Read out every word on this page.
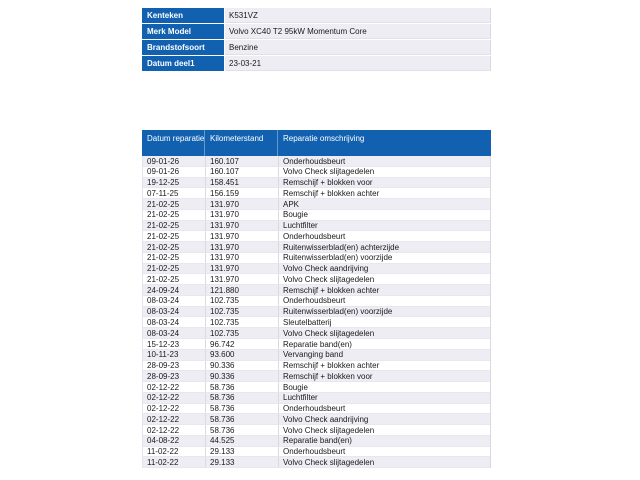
Kenteken	K531VZ
Merk Model	Volvo XC40 T2 95kW Momentum Core
Brandstofsoort	Benzine
Datum deel1	23-03-21
Datum reparatie Kilometerstand	Reparatie omschrijving
09-01-26	160.107	Onderhoudsbeurt
09-01-26	160.107	Volvo Check slijtagedelen
19-12-25	158.451	Remschijf + blokken voor
07-11-25	156.159	Remschijf + blokken achter
21-02-25	131.970	APK
21-02-25	131.970	Bougie
21-02-25	131.970	Luchtfilter
21-02-25	131.970	Onderhoudsbeurt
21-02-25	131.970	Ruitenwisserblad(en) achterzijde
21-02-25	131.970	Ruitenwisserblad(en) voorzijde
21-02-25	131.970	Volvo Check aandrijving
21-02-25	131.970	Volvo Check slijtagedelen
24-09-24	121.880	Remschijf + blokken achter
08-03-24	102.735	Onderhoudsbeurt
08-03-24	102.735	Ruitenwisserblad(en) voorzijde
08-03-24	102.735	Sleutelbatterij
08-03-24	102.735	Volvo Check slijtagedelen
15-12-23	96.742	Reparatie band(en)
10-11-23	93.600	Vervanging band
28-09-23	90.336	Remschijf + blokken achter
28-09-23	90.336	Remschijf + blokken voor
02-12-22	58.736	Bougie
02-12-22	58.736	Luchtfilter
02-12-22	58.736	Onderhoudsbeurt
02-12-22	58.736	Volvo Check aandrijving
02-12-22	58.736	Volvo Check slijtagedelen
04-08-22	44.525	Reparatie band(en)
11-02-22	29.133	Onderhoudsbeurt
11-02-22	29.133	Volvo Check slijtagedelen
